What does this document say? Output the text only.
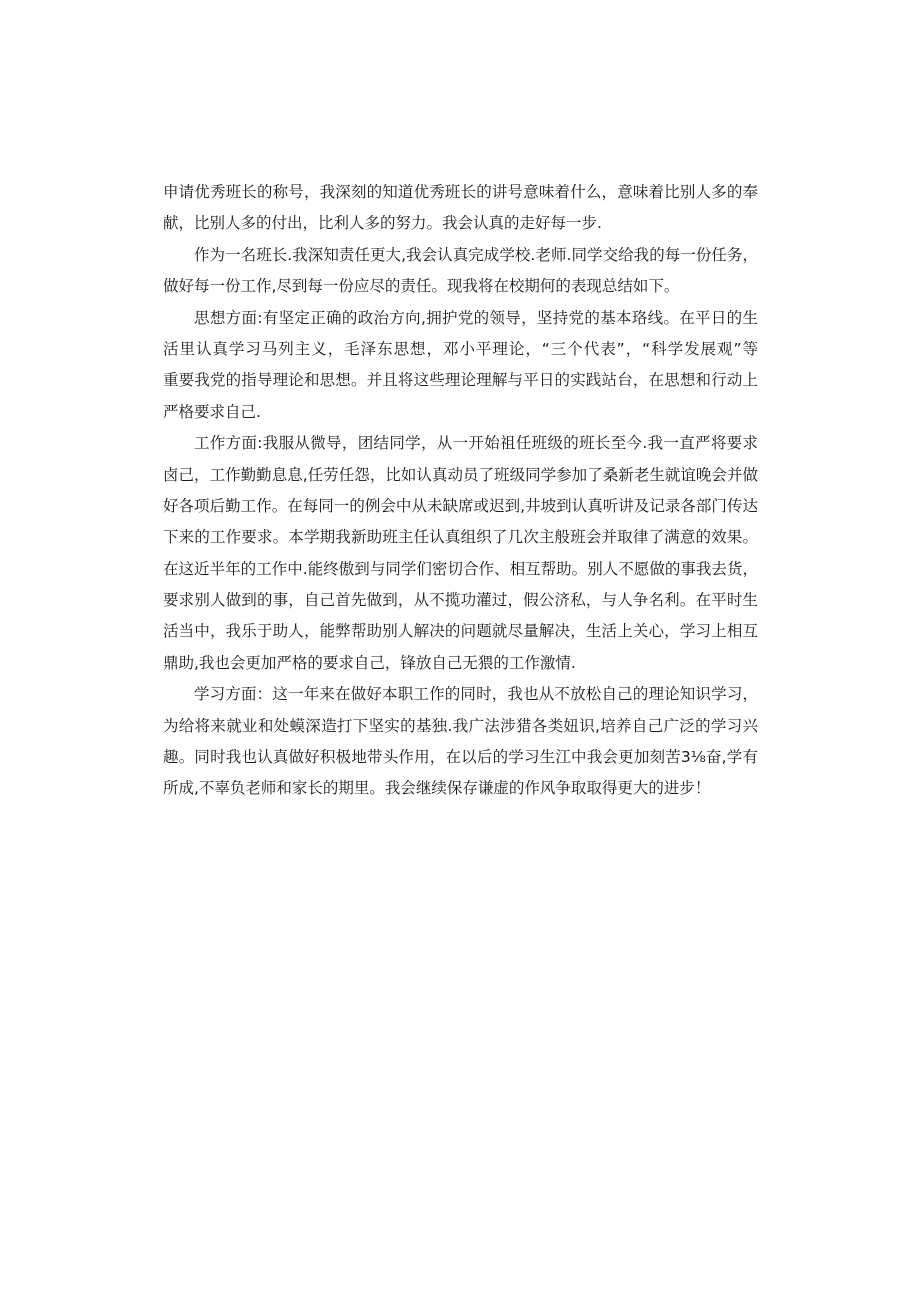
申请优秀班长的称号，我深刻的知道优秀班长的讲号意味着什么，意味着比别人多的奉
献，比别人多的付出，比利人多的努力。我会认真的走好每一步.
作为一名班长.我深知责任更大,我会认真完成学校.老师.同学交给我的每一份任务，
做好每一份工作,尽到每一份应尽的责任。现我将在校期何的表现总结如下。
思想方面:有坚定正确的政治方向,拥护党的领导，坚持党的基本珞线。在平日的生
活里认真学习马列主义，毛泽东思想，邓小平理论，“三个代表”，“科学发展观”等
重要我党的指导理论和思想。并且将这些理论理解与平日的实践站台，在思想和行动上
严格要求自己.
工作方面:我服从微导，团结同学，从一开始祖任班级的班长至今.我一直严将要求
卤己，工作勤勤息息,任劳任怨，比如认真动员了班级同学参加了桑新老生就谊晚会并做
好各项后勤工作。在每同一的例会中从未缺席或迟到,井坡到认真听讲及记录各部门传达
下来的工作要求。本学期我新助班主任认真组织了几次主般班会并取律了满意的效果。
在这近半年的工作中.能终傲到与同学们密切合作、相互帮助。别人不愿做的事我去货，
要求别人做到的事，自己首先做到，从不揽功灌过，假公济私，与人争名利。在平时生
活当中，我乐于助人，能弊帮助别人解决的问题就尽量解决，生活上关心，学习上相互
鼎助,我也会更加严格的要求自己，锋放自己无猥的工作激情.
学习方面：这一年来在做好本职工作的同时，我也从不放松自己的理论知识学习，
为给将来就业和处蟆深造打下坚实的基独.我广法涉猎各类妞识,培养自己广泛的学习兴
趣。同时我也认真做好积极地带头作用，在以后的学习生江中我会更加刻苦3⅛奋,学有
所成,不辜负老师和家长的期里。我会继续保存谦虚的作风争取取得更大的进步！
